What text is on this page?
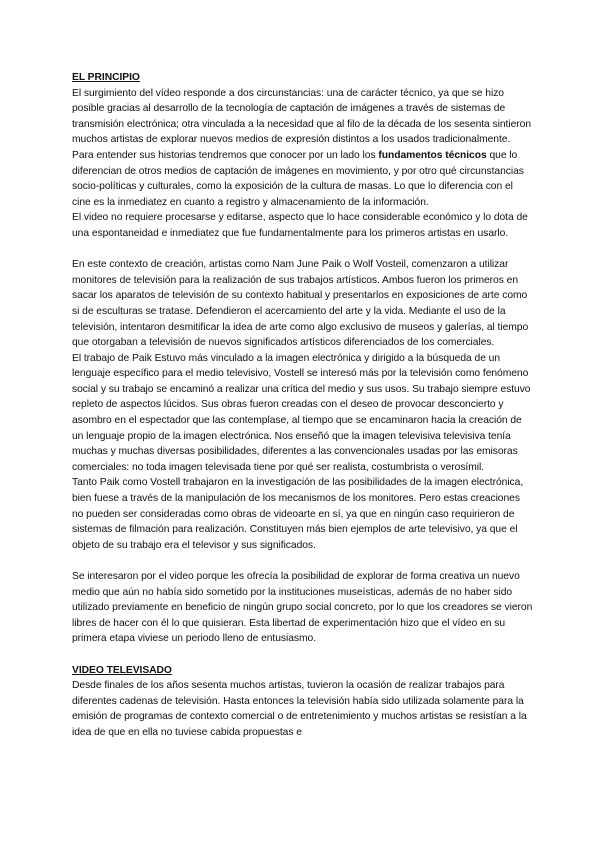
EL PRINCIPIO

El surgimiento del vídeo responde a dos circunstancias: una de carácter técnico, ya que se hizo posible gracias al desarrollo de la tecnología de captación de imágenes a través de sistemas de transmisión electrónica; otra vinculada a la necesidad que al filo de la década de los sesenta sintieron muchos artistas de explorar nuevos medios de expresión distintos a los usados tradicionalmente. Para entender sus historias tendremos que conocer por un lado los fundamentos técnicos que lo diferencian de otros medios de captación de imágenes en movimiento, y por otro qué circunstancias socio-políticas y culturales, como la exposición de la cultura de masas. Lo que lo diferencia con el cine es la inmediatez en cuanto a registro y almacenamiento de la información.

El video no requiere procesarse y editarse, aspecto que lo hace considerable económico y lo dota de una espontaneidad e inmediatez que fue fundamentalmente para los primeros artistas en usarlo.

En este contexto de creación, artistas como Nam June Paik o Wolf Vosteil, comenzaron a utilizar monitores de televisión para la realización de sus trabajos artísticos. Ambos fueron los primeros en sacar los aparatos de televisión de su contexto habitual y presentarlos en exposiciones de arte como si de esculturas se tratase. Defendieron el acercamiento del arte y la vida. Mediante el uso de la televisión, intentaron desmitificar la idea de arte como algo exclusivo de museos y galerías, al tiempo que otorgaban a televisión de nuevos significados artísticos diferenciados de los comerciales.

El trabajo de Paik Estuvo más vinculado a la imagen electrónica y dirigido a la búsqueda de un lenguaje específico para el medio televisivo, Vostell se interesó más por la televisión como fenómeno social y su trabajo se encaminó a realizar una crítica del medio y sus usos. Su trabajo siempre estuvo repleto de aspectos lúcidos. Sus obras fueron creadas con el deseo de provocar desconcierto y asombro en el espectador que las contemplase, al tiempo que se encaminaron hacia la creación de un lenguaje propio de la imagen electrónica. Nos enseñó que la imagen televisiva televisiva tenía muchas y muchas diversas posibilidades, diferentes a las convencionales usadas por las emisoras comerciales: no toda imagen televisada tiene por qué ser realista, costumbrista o verosímil.

Tanto Paik como Vostell trabajaron en la investigación de las posibilidades de la imagen electrónica, bien fuese a través de la manipulación de los mecanismos de los monitores. Pero estas creaciones no pueden ser consideradas como obras de videoarte en sí, ya que en ningún caso requirieron de sistemas de filmación para realización. Constituyen más bien ejemplos de arte televisivo, ya que el objeto de su trabajo era el televisor y sus significados.

Se interesaron por el video porque les ofrecía la posibilidad de explorar de forma creativa un nuevo medio que aún no había sido sometido por la instituciones museísticas, además de no haber sido utilizado previamente en beneficio de ningún grupo social concreto, por lo que los creadores se vieron libres de hacer con él lo que quisieran. Esta libertad de experimentación hizo que el vídeo en su primera etapa viviese un periodo lleno de entusiasmo.

VIDEO TELEVISADO

Desde finales de los años sesenta muchos artistas, tuvieron la ocasión de realizar trabajos para diferentes cadenas de televisión. Hasta entonces la televisión había sido utilizada solamente para la emisión de programas de contexto comercial o de entretenimiento y muchos artistas se resistían a la idea de que en ella no tuviese cabida propuestas e
